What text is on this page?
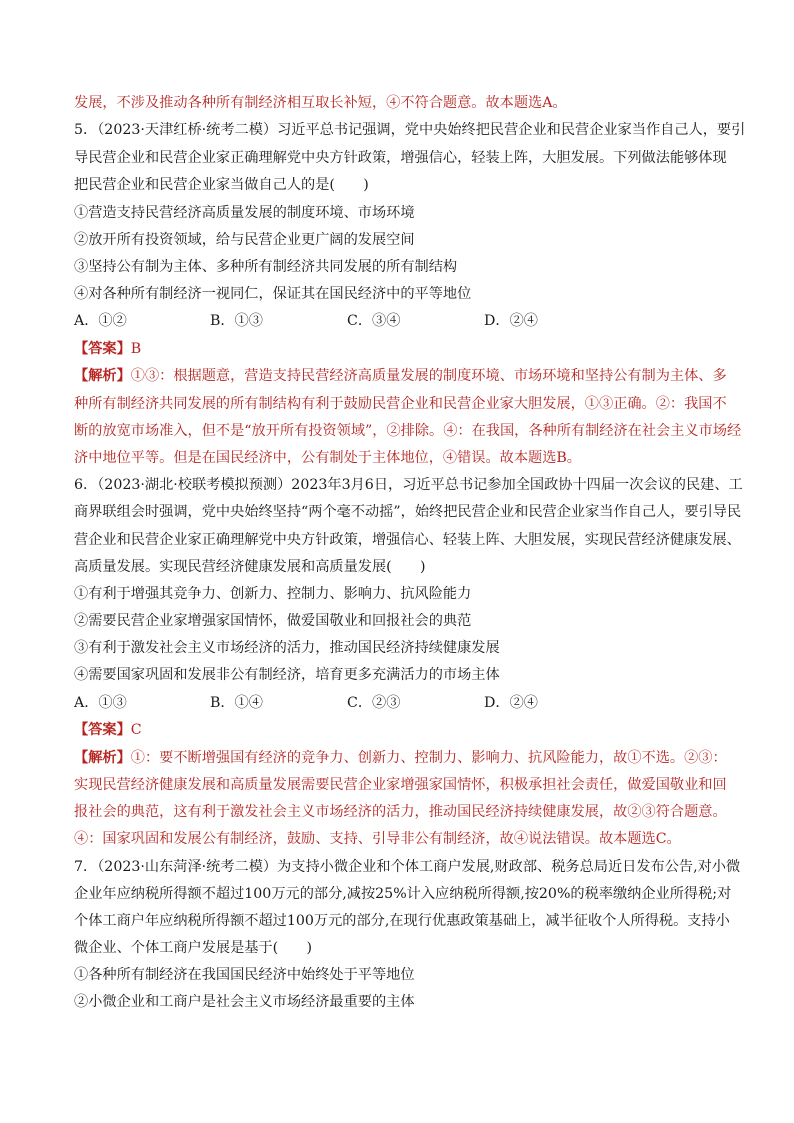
发展，不涉及推动各种所有制经济相互取长补短，④不符合题意。故本题选A。
5．（2023·天津红桥·统考二模）习近平总书记强调，党中央始终把民营企业和民营企业家当作自己人，要引
导民营企业和民营企业家正确理解党中央方针政策，增强信心，轻装上阵，大胆发展。下列做法能够体现
把民营企业和民营企业家当做自己人的是(　　)
①营造支持民营经济高质量发展的制度环境、市场环境
②放开所有投资领域，给与民营企业更广阔的发展空间
③坚持公有制为主体、多种所有制经济共同发展的所有制结构
④对各种所有制经济一视同仁，保证其在国民经济中的平等地位
A．①②	B．①③	C．③④	D．②④
【答案】B
【解析】①③：根据题意，营造支持民营经济高质量发展的制度环境、市场环境和坚持公有制为主体、多
种所有制经济共同发展的所有制结构有利于鼓励民营企业和民营企业家大胆发展，①③正确。②：我国不
断的放宽市场准入，但不是“放开所有投资领域”，②排除。④：在我国，各种所有制经济在社会主义市场经
济中地位平等。但是在国民经济中，公有制处于主体地位，④错误。故本题选B。
6．（2023·湖北·校联考模拟预测）2023年3月6日，习近平总书记参加全国政协十四届一次会议的民建、工
商界联组会时强调，党中央始终坚持“两个毫不动摇”，始终把民营企业和民营企业家当作自己人，要引导民
营企业和民营企业家正确理解党中央方针政策，增强信心、轻装上阵、大胆发展，实现民营经济健康发展、
高质量发展。实现民营经济健康发展和高质量发展(　　)
①有利于增强其竞争力、创新力、控制力、影响力、抗风险能力
②需要民营企业家增强家国情怀，做爱国敬业和回报社会的典范
③有利于激发社会主义市场经济的活力，推动国民经济持续健康发展
④需要国家巩固和发展非公有制经济，培育更多充满活力的市场主体
A．①③	B．①④	C．②③	D．②④
【答案】C
【解析】①：要不断增强国有经济的竞争力、创新力、控制力、影响力、抗风险能力，故①不选。②③：
实现民营经济健康发展和高质量发展需要民营企业家增强家国情怀，积极承担社会责任，做爱国敬业和回
报社会的典范，这有利于激发社会主义市场经济的活力，推动国民经济持续健康发展，故②③符合题意。
④：国家巩固和发展公有制经济，鼓励、支持、引导非公有制经济，故④说法错误。故本题选C。
7．（2023·山东菏泽·统考二模）为支持小微企业和个体工商户发展,财政部、税务总局近日发布公告,对小微
企业年应纳税所得额不超过100万元的部分,减按25%计入应纳税所得额,按20%的税率缴纳企业所得税;对
个体工商户年应纳税所得额不超过100万元的部分,在现行优惠政策基础上，减半征收个人所得税。支持小
微企业、个体工商户发展是基于(　　)
①各种所有制经济在我国国民经济中始终处于平等地位
②小微企业和工商户是社会主义市场经济最重要的主体
